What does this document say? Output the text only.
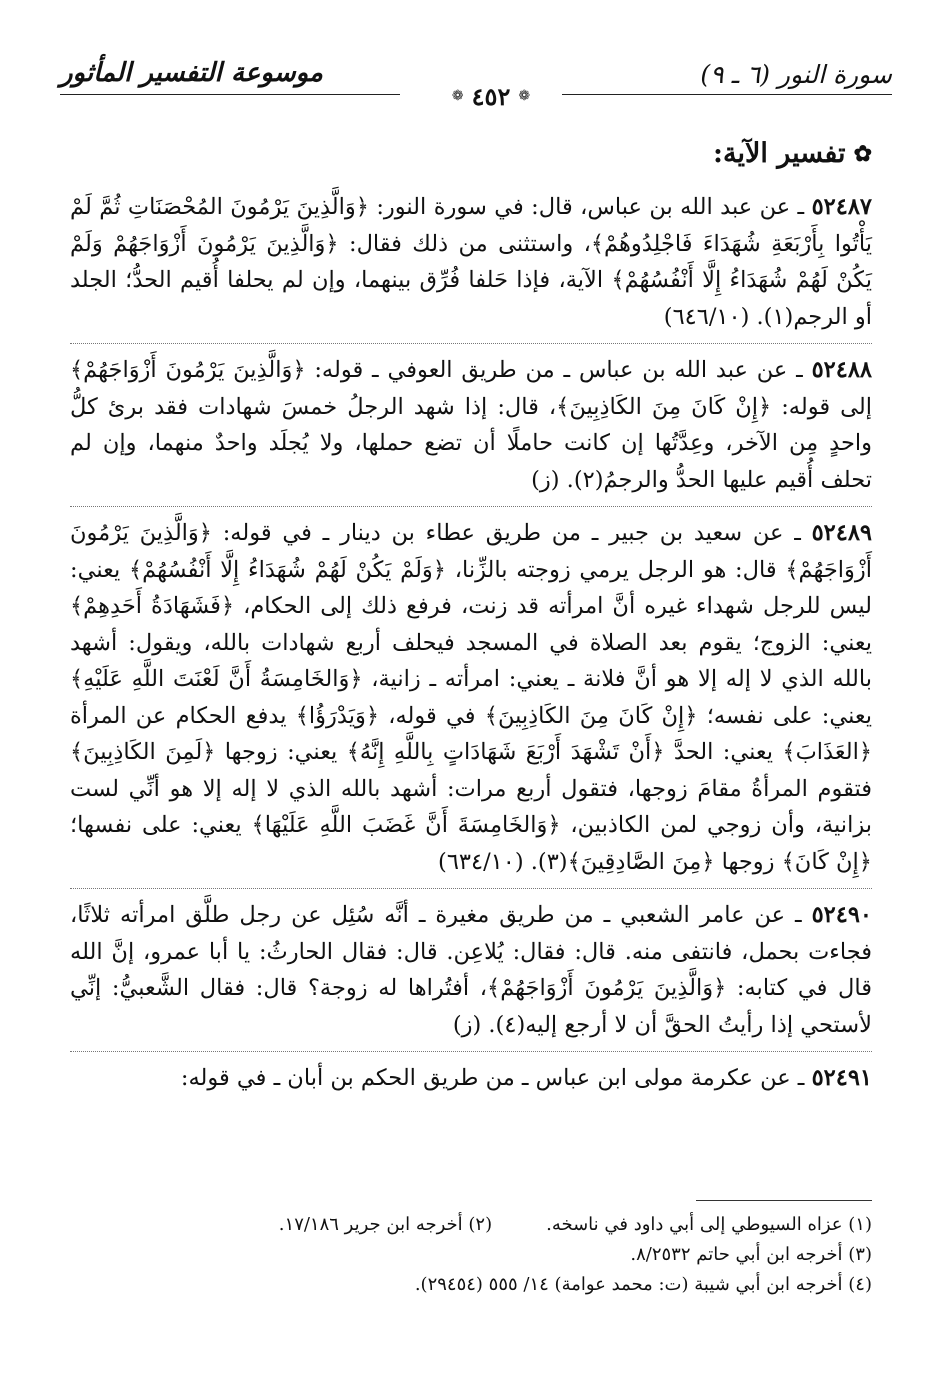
سورة النور (٦ ـ ٩)
موسوعة التفسير المأثور
❁ ٤٥٢ ❁
✿
تفسير الآية:

٥٢٤٨٧ ـ عن عبد الله بن عباس، قال: في سورة النور: ﴿وَالَّذِينَ يَرْمُونَ المُحْصَنَاتِ ثُمَّ لَمْ يَأْتُوا بِأَرْبَعَةِ شُهَدَاءَ فَاجْلِدُوهُمْ﴾، واستثنى من ذلك فقال: ﴿وَالَّذِينَ يَرْمُونَ أَزْوَاجَهُمْ وَلَمْ يَكُنْ لَهُمْ شُهَدَاءُ إِلَّا أَنْفُسُهُمْ﴾ الآية، فإذا حَلفا فُرِّق بينهما، وإن لم يحلفا أُقيم الحدُّ؛ الجلد أو الرجم(١). (٦٤٦/١٠)

٥٢٤٨٨ ـ عن عبد الله بن عباس ـ من طريق العوفي ـ قوله: ﴿وَالَّذِينَ يَرْمُونَ أَزْوَاجَهُمْ﴾ إلى قوله: ﴿إِنْ كَانَ مِنَ الكَاذِبِينَ﴾، قال: إذا شهد الرجلُ خمسَ شهادات فقد برئ كلُّ واحدٍ مِن الآخر، وعِدَّتُها إن كانت حاملًا أن تضع حملها، ولا يُجلَد واحدٌ منهما، وإن لم تحلف أُقيم عليها الحدُّ والرجمُ(٢). (ز)

٥٢٤٨٩ ـ عن سعيد بن جبير ـ من طريق عطاء بن دينار ـ في قوله: ﴿وَالَّذِينَ يَرْمُونَ أَزْوَاجَهُمْ﴾ قال: هو الرجل يرمي زوجته بالزِّنا، ﴿وَلَمْ يَكُنْ لَهُمْ شُهَدَاءُ إِلَّا أَنْفُسُهُمْ﴾ يعني: ليس للرجل شهداء غيره أنَّ امرأته قد زنت، فرفع ذلك إلى الحكام، ﴿فَشَهَادَةُ أَحَدِهِمْ﴾ يعني: الزوج؛ يقوم بعد الصلاة في المسجد فيحلف أربع شهادات بالله، ويقول: أشهد بالله الذي لا إله إلا هو أنَّ فلانة ـ يعني: امرأته ـ زانية، ﴿وَالخَامِسَةُ أَنَّ لَعْنَتَ اللَّهِ عَلَيْهِ﴾ يعني: على نفسه؛ ﴿إِنْ كَانَ مِنَ الكَاذِبِينَ﴾ في قوله، ﴿وَيَدْرَؤُا﴾ يدفع الحكام عن المرأة ﴿العَذَابَ﴾ يعني: الحدَّ ﴿أَنْ تَشْهَدَ أَرْبَعَ شَهَادَاتٍ بِاللَّهِ إِنَّهُ﴾ يعني: زوجها ﴿لَمِنَ الكَاذِبِينَ﴾ فتقوم المرأةُ مقامَ زوجها، فتقول أربع مرات: أشهد بالله الذي لا إله إلا هو أنِّي لست بزانية، وأن زوجي لمن الكاذبين، ﴿وَالخَامِسَةَ أَنَّ غَضَبَ اللَّهِ عَلَيْهَا﴾ يعني: على نفسها؛ ﴿إِنْ كَانَ﴾ زوجها ﴿مِنَ الصَّادِقِينَ﴾(٣). (٦٣٤/١٠)

٥٢٤٩٠ ـ عن عامر الشعبي ـ من طريق مغيرة ـ أنَّه سُئِل عن رجل طلَّق امرأته ثلاثًا، فجاءت بحمل، فانتفى منه. قال: فقال: يُلاعِن. قال: فقال الحارثُ: يا أبا عمرو، إنَّ الله قال في كتابه: ﴿وَالَّذِينَ يَرْمُونَ أَزْوَاجَهُمْ﴾، أفتُراها له زوجة؟ قال: فقال الشَّعبيُّ: إنِّي لأستحي إذا رأيتُ الحقَّ أن لا أرجع إليه(٤). (ز)

٥٢٤٩١ ـ عن عكرمة مولى ابن عباس ـ من طريق الحكم بن أبان ـ في قوله:

(١) عزاه السيوطي إلى أبي داود في ناسخه.
(٢) أخرجه ابن جرير ١٧/١٨٦.
(٣) أخرجه ابن أبي حاتم ٨/٢٥٣٢.
(٤) أخرجه ابن أبي شيبة (ت: محمد عوامة) ١٤/ ٥٥٥ (٢٩٤٥٤).
